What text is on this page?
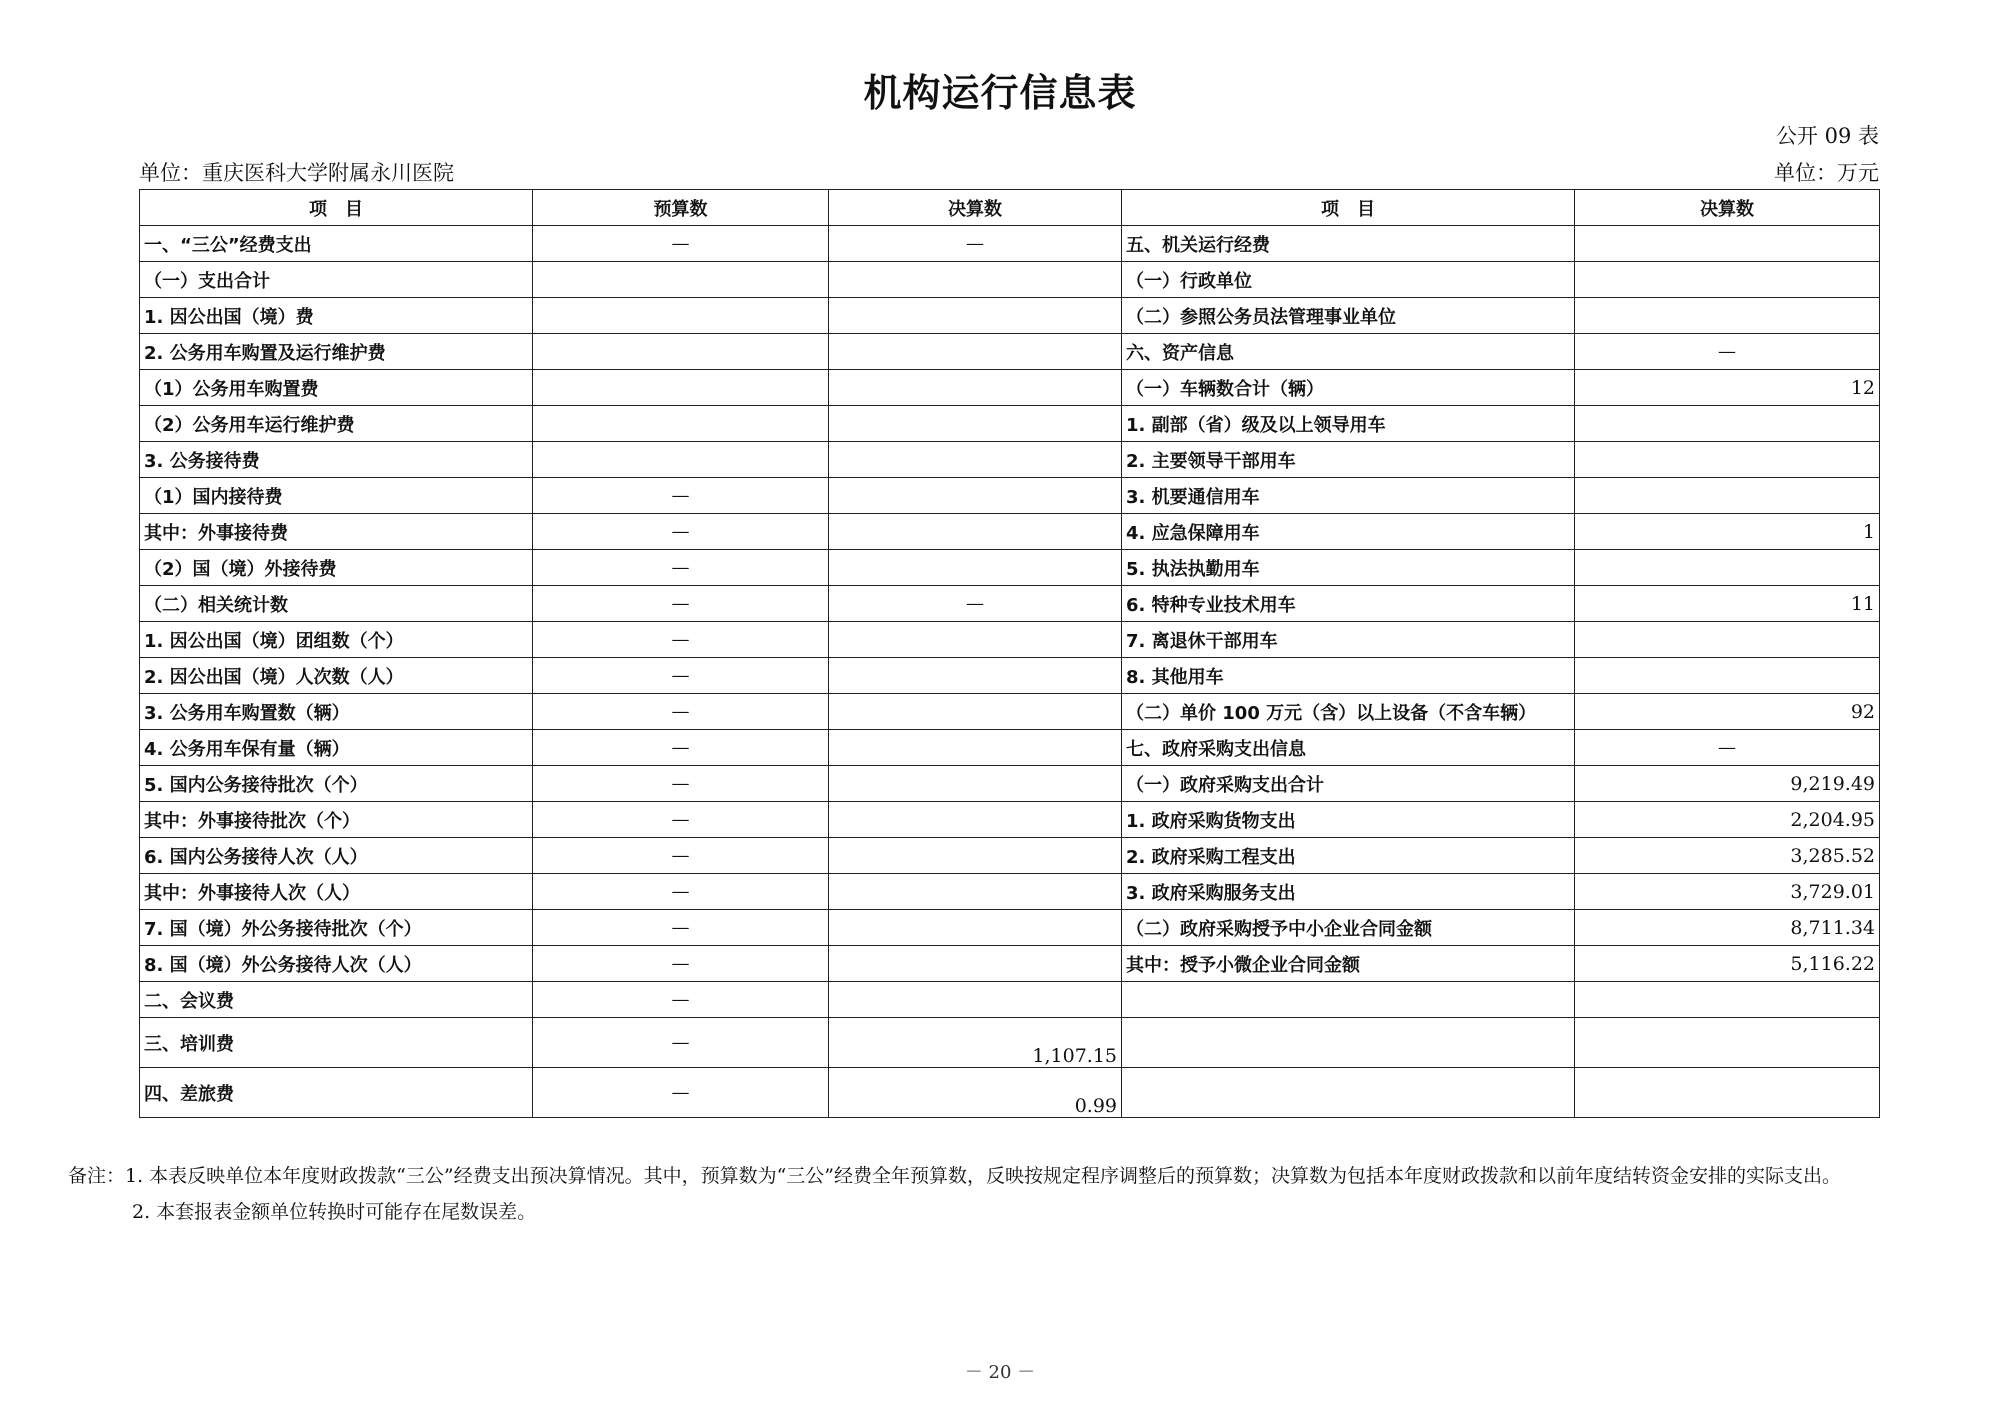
机构运行信息表
公开 09 表
单位：重庆医科大学附属永川医院	单位：万元
项　目	预算数	决算数	项　目	决算数
一、“三公”经费支出	—	—	五、机关运行经费	
（一）支出合计			（一）行政单位	
1. 因公出国（境）费			（二）参照公务员法管理事业单位	
2. 公务用车购置及运行维护费			六、资产信息	—
（1）公务用车购置费			（一）车辆数合计（辆）	12
（2）公务用车运行维护费			1. 副部（省）级及以上领导用车	
3. 公务接待费			2. 主要领导干部用车	
（1）国内接待费	—		3. 机要通信用车	
其中：外事接待费	—		4. 应急保障用车	1
（2）国（境）外接待费	—		5. 执法执勤用车	
（二）相关统计数	—	—	6. 特种专业技术用车	11
1. 因公出国（境）团组数（个）	—		7. 离退休干部用车	
2. 因公出国（境）人次数（人）	—		8. 其他用车	
3. 公务用车购置数（辆）	—		（二）单价 100 万元（含）以上设备（不含车辆）	92
4. 公务用车保有量（辆）	—		七、政府采购支出信息	—
5. 国内公务接待批次（个）	—		（一）政府采购支出合计	9,219.49
其中：外事接待批次（个）	—		1. 政府采购货物支出	2,204.95
6. 国内公务接待人次（人）	—		2. 政府采购工程支出	3,285.52
其中：外事接待人次（人）	—		3. 政府采购服务支出	3,729.01
7. 国（境）外公务接待批次（个）	—		（二）政府采购授予中小企业合同金额	8,711.34
8. 国（境）外公务接待人次（人）	—		其中：授予小微企业合同金额	5,116.22
二、会议费	—			
三、培训费	—	1,107.15		
四、差旅费	—	0.99		
备注：1. 本表反映单位本年度财政拨款“三公”经费支出预决算情况。其中，预算数为“三公”经费全年预算数，反映按规定程序调整后的预算数；决算数为包括本年度财政拨款和以前年度结转资金安排的实际支出。
2. 本套报表金额单位转换时可能存在尾数误差。
－ 20 －
